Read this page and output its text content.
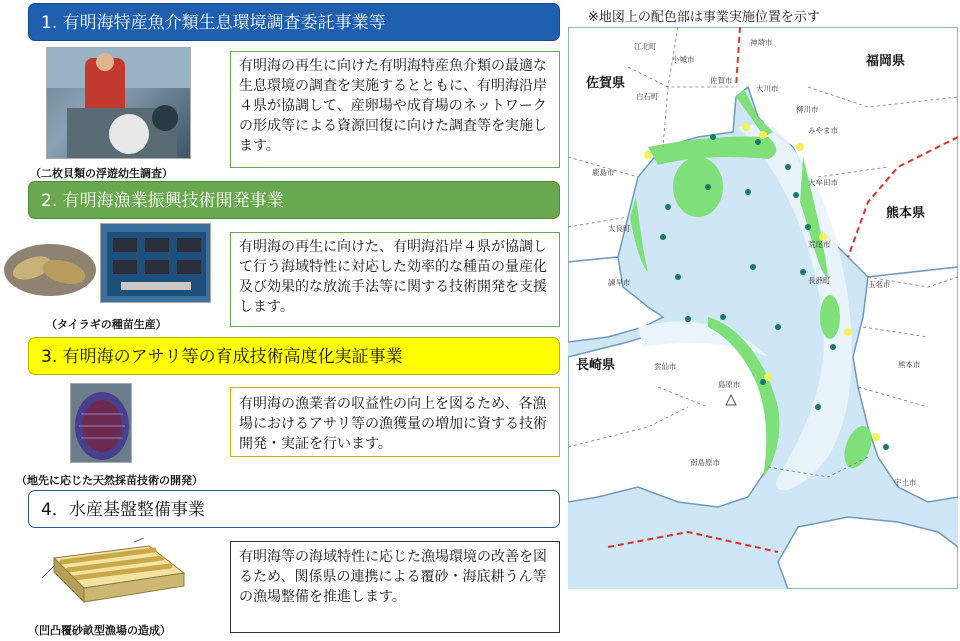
1. 有明海特産魚介類生息環境調査委託事業等
（二枚貝類の浮遊幼生調査）
有明海の再生に向けた有明海特産魚介類の最適な生息環境の調査を実施するとともに、有明海沿岸４県が協調して、産卵場や成育場のネットワークの形成等による資源回復に向けた調査等を実施します。
2. 有明海漁業振興技術開発事業
（タイラギの種苗生産）
有明海の再生に向けた、有明海沿岸４県が協調して行う海域特性に対応した効率的な種苗の量産化及び効果的な放流手法等に関する技術開発を支援します。
3. 有明海のアサリ等の育成技術高度化実証事業
（地先に応じた天然採苗技術の開発）
有明海の漁業者の収益性の向上を図るため、各漁場におけるアサリ等の漁獲量の増加に資する技術開発・実証を行います。
4．水産基盤整備事業
（凹凸覆砂畝型漁場の造成）
有明海等の海域特性に応じた漁場環境の改善を図るため、関係県の連携による覆砂・海底耕うん等の漁場整備を推進します。
※地図上の配色部は事業実施位置を示す
福岡県
佐賀県
熊本県
長崎県
江北町
小城市
神埼市
佐賀市
大川市
白石町
柳川市
みやま市
鹿島市
大牟田市
太良町
荒尾市
長洲町	玉名市
諫早市
雲仙市
島原市
熊本市
南島原市
宇土市
